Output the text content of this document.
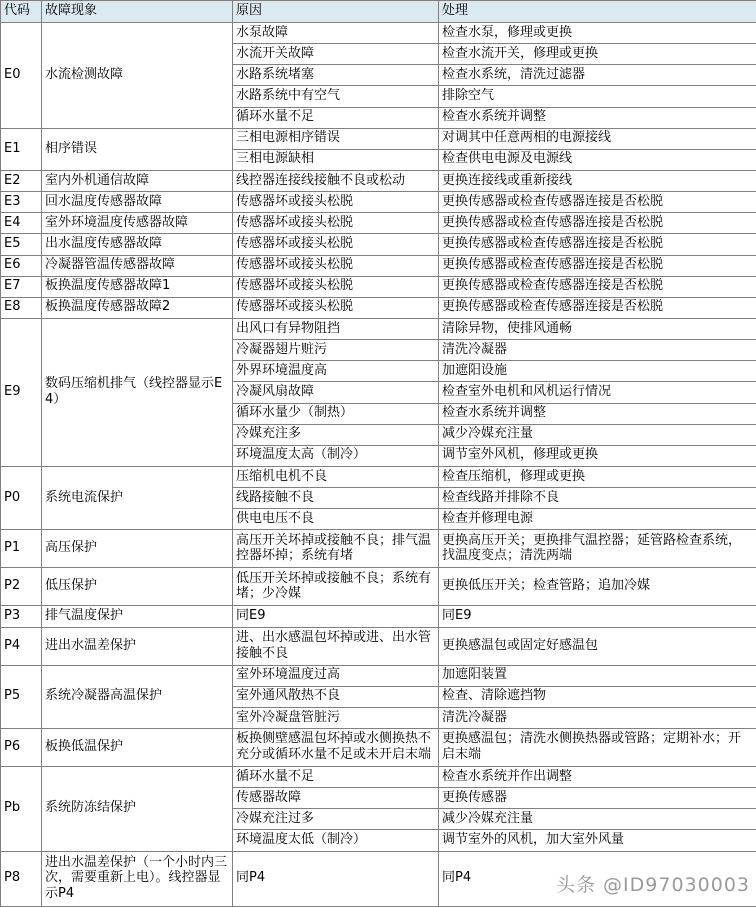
代码	故障现象	原因	处理
E0	水流检测故障	水泵故障	检查水泵，修理或更换
		水流开关故障	检查水流开关，修理或更换
		水路系统堵塞	检查水系统，清洗过滤器
		水路系统中有空气	排除空气
		循环水量不足	检查水系统并调整
E1	相序错误	三相电源相序错误	对调其中任意两相的电源接线
		三相电源缺相	检查供电电源及电源线
E2	室内外机通信故障	线控器连接线接触不良或松动	更换连接线或重新接线
E3	回水温度传感器故障	传感器坏或接头松脱	更换传感器或检查传感器连接是否松脱
E4	室外环境温度传感器故障	传感器坏或接头松脱	更换传感器或检查传感器连接是否松脱
E5	出水温度传感器故障	传感器坏或接头松脱	更换传感器或检查传感器连接是否松脱
E6	冷凝器管温传感器故障	传感器坏或接头松脱	更换传感器或检查传感器连接是否松脱
E7	板换温度传感器故障1	传感器坏或接头松脱	更换传感器或检查传感器连接是否松脱
E8	板换温度传感器故障2	传感器坏或接头松脱	更换传感器或检查传感器连接是否松脱
E9	数码压缩机排气（线控器显示E4）	出风口有异物阻挡	清除异物，使排风通畅
		冷凝器翅片赃污	清洗冷凝器
		外界环境温度高	加遮阳设施
		冷凝风扇故障	检查室外电机和风机运行情况
		循环水量少（制热）	检查水系统并调整
		冷媒充注多	减少冷媒充注量
		环境温度太高（制冷）	调节室外风机，修理或更换
P0	系统电流保护	压缩机电机不良	检查压缩机，修理或更换
		线路接触不良	检查线路并排除不良
		供电电压不良	检查并修理电源
P1	高压保护	高压开关坏掉或接触不良；排气温控器坏掉；系统有堵	更换高压开关；更换排气温控器；延管路检查系统，找温度变点；清洗两端
P2	低压保护	低压开关坏掉或接触不良；系统有堵；少冷媒	更换低压开关；检查管路；追加冷媒
P3	排气温度保护	同E9	同E9
P4	进出水温差保护	进、出水感温包坏掉或进、出水管接触不良	更换感温包或固定好感温包
P5	系统冷凝器高温保护	室外环境温度过高	加遮阳装置
		室外通风散热不良	检查、清除遮挡物
		室外冷凝盘管脏污	清洗冷凝器
P6	板换低温保护	板换侧壁感温包坏掉或水侧换热不充分或循环水量不足或未开启末端	更换感温包；清洗水侧换热器或管路；定期补水；开启末端
Pb	系统防冻结保护	循环水量不足	检查水系统并作出调整
		传感器故障	更换传感器
		冷媒充注过多	减少冷媒充注量
		环境温度太低（制冷）	调节室外的风机，加大室外风量
P8	进出水温差保护（一个小时内三次，需要重新上电）。线控器显示P4	同P4	同P4	头条 @ID97030003
